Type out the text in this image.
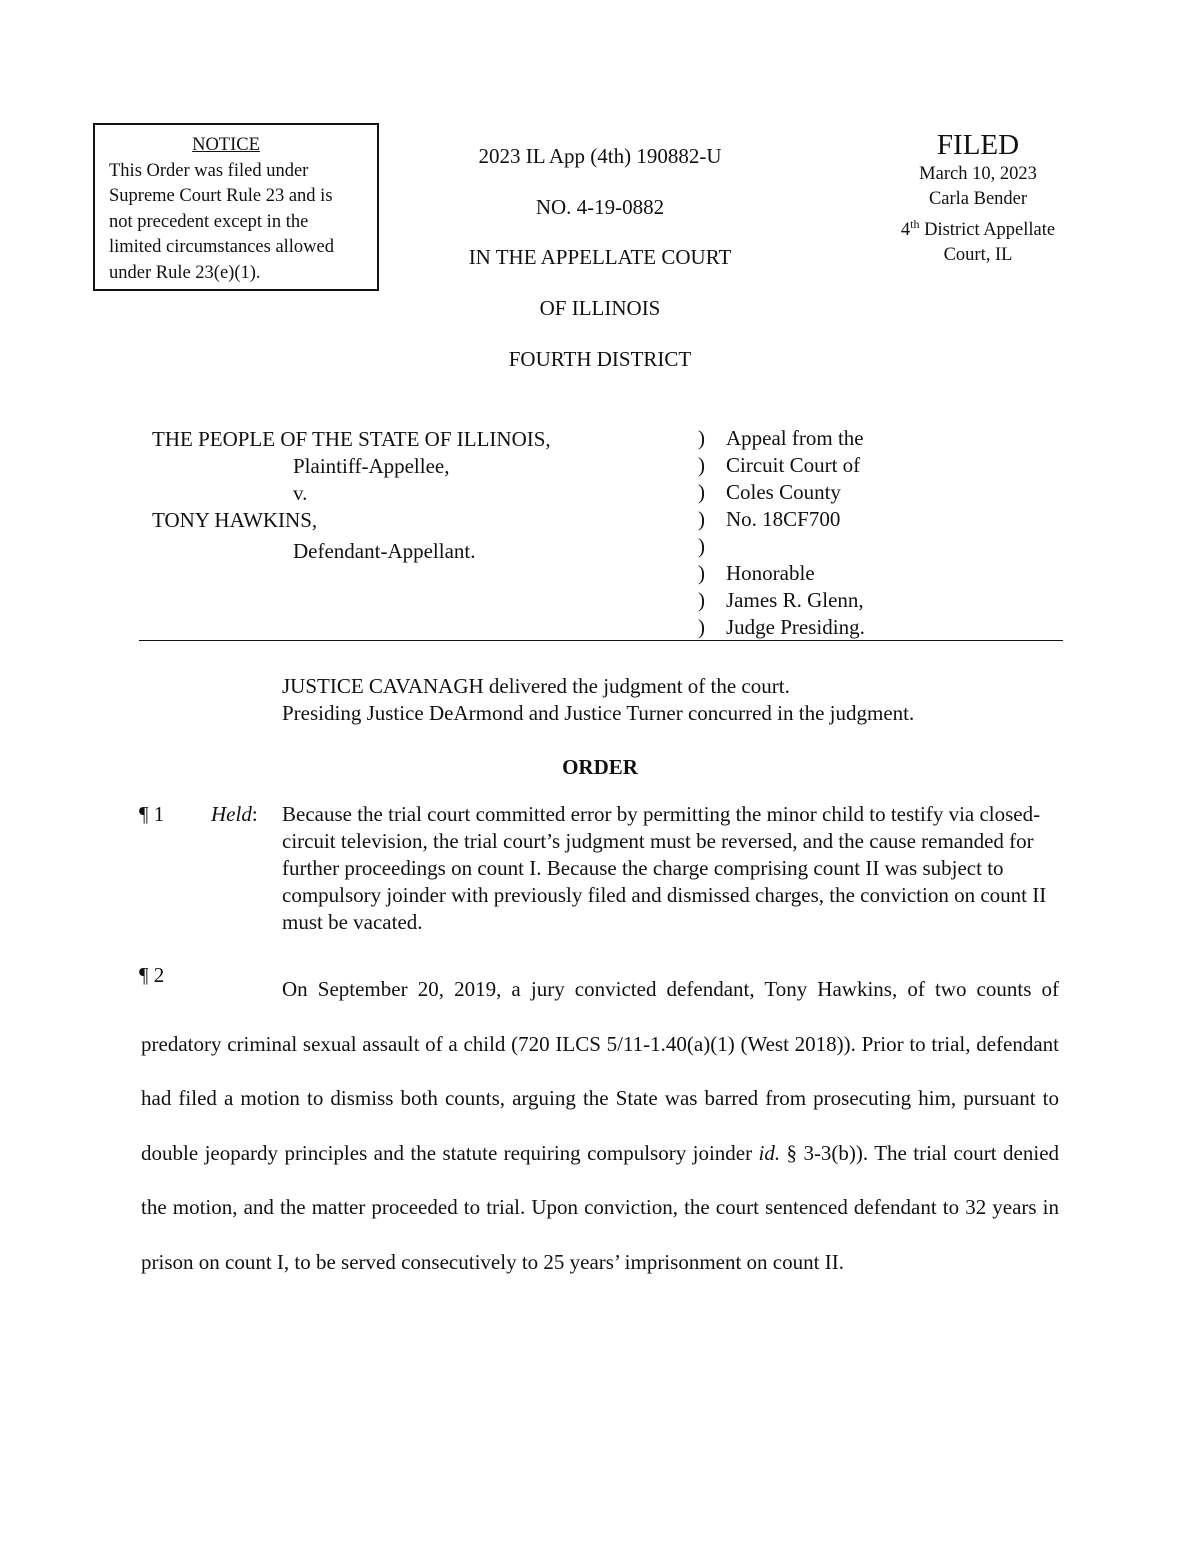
NOTICE
This Order was filed under
Supreme Court Rule 23 and is
not precedent except in the
limited circumstances allowed
under Rule 23(e)(1).
2023 IL App (4th) 190882-U
NO. 4-19-0882
IN THE APPELLATE COURT
OF ILLINOIS
FOURTH DISTRICT
FILED
March 10, 2023
Carla Bender
4th District Appellate
Court, IL
THE PEOPLE OF THE STATE OF ILLINOIS,
Plaintiff-Appellee,
v.
TONY HAWKINS,
Defendant-Appellant.
) Appeal from the
) Circuit Court of
) Coles County
) No. 18CF700
)
) Honorable
) James R. Glenn,
) Judge Presiding.
JUSTICE CAVANAGH delivered the judgment of the court.
Presiding Justice DeArmond and Justice Turner concurred in the judgment.
ORDER
¶ 1 Held: Because the trial court committed error by permitting the minor child to testify via closed-circuit television, the trial court’s judgment must be reversed, and the cause remanded for further proceedings on count I. Because the charge comprising count II was subject to compulsory joinder with previously filed and dismissed charges, the conviction on count II must be vacated.
¶ 2
On September 20, 2019, a jury convicted defendant, Tony Hawkins, of two counts of predatory criminal sexual assault of a child (720 ILCS 5/11-1.40(a)(1) (West 2018)). Prior to trial, defendant had filed a motion to dismiss both counts, arguing the State was barred from prosecuting him, pursuant to double jeopardy principles and the statute requiring compulsory joinder id. § 3-3(b)). The trial court denied the motion, and the matter proceeded to trial. Upon conviction, the court sentenced defendant to 32 years in prison on count I, to be served consecutively to 25 years’ imprisonment on count II.
